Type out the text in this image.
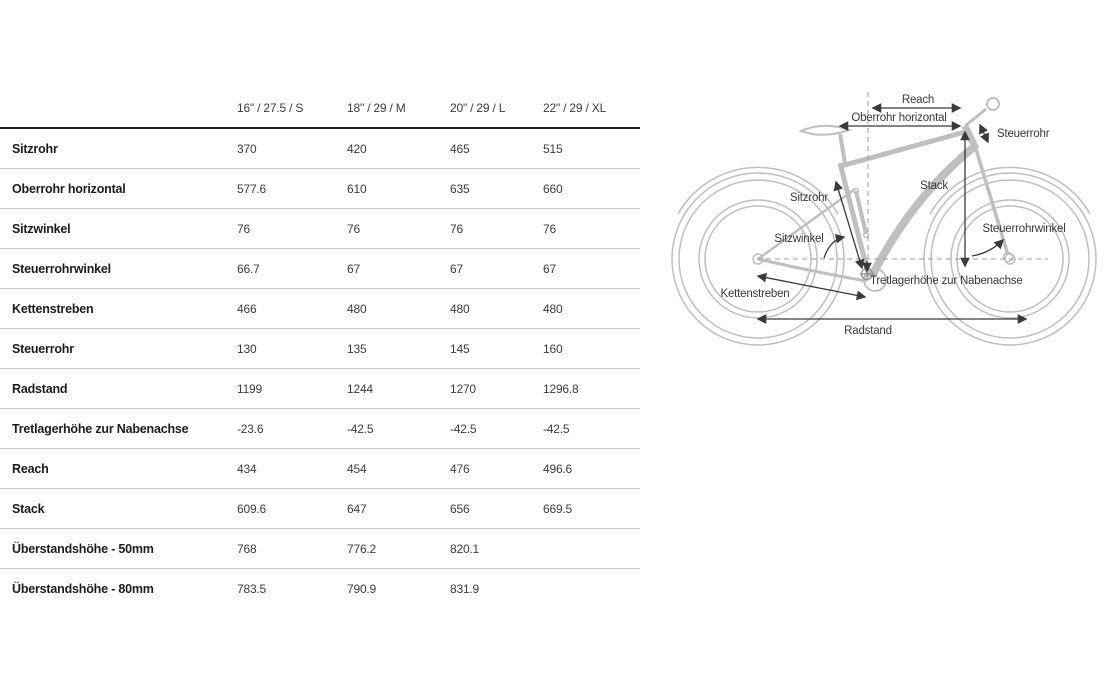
16" / 27.5 / S	18" / 29 / M	20" / 29 / L	22" / 29 / XL
Sitzrohr	370	420	465	515
Oberrohr horizontal	577.6	610	635	660
Sitzwinkel	76	76	76	76
Steuerrohrwinkel	66.7	67	67	67
Kettenstreben	466	480	480	480
Steuerrohr	130	135	145	160
Radstand	1199	1244	1270	1296.8
Tretlagerhöhe zur Nabenachse	-23.6	-42.5	-42.5	-42.5
Reach	434	454	476	496.6
Stack	609.6	647	656	669.5
Überstandshöhe - 50mm	768	776.2	820.1
Überstandshöhe - 80mm	783.5	790.9	831.9
Reach
Oberrohr horizontal
Steuerrohr
Stack
Steuerrohrwinkel
Sitzrohr
Sitzwinkel
Tretlagerhöhe zur Nabenachse
Kettenstreben
Radstand
